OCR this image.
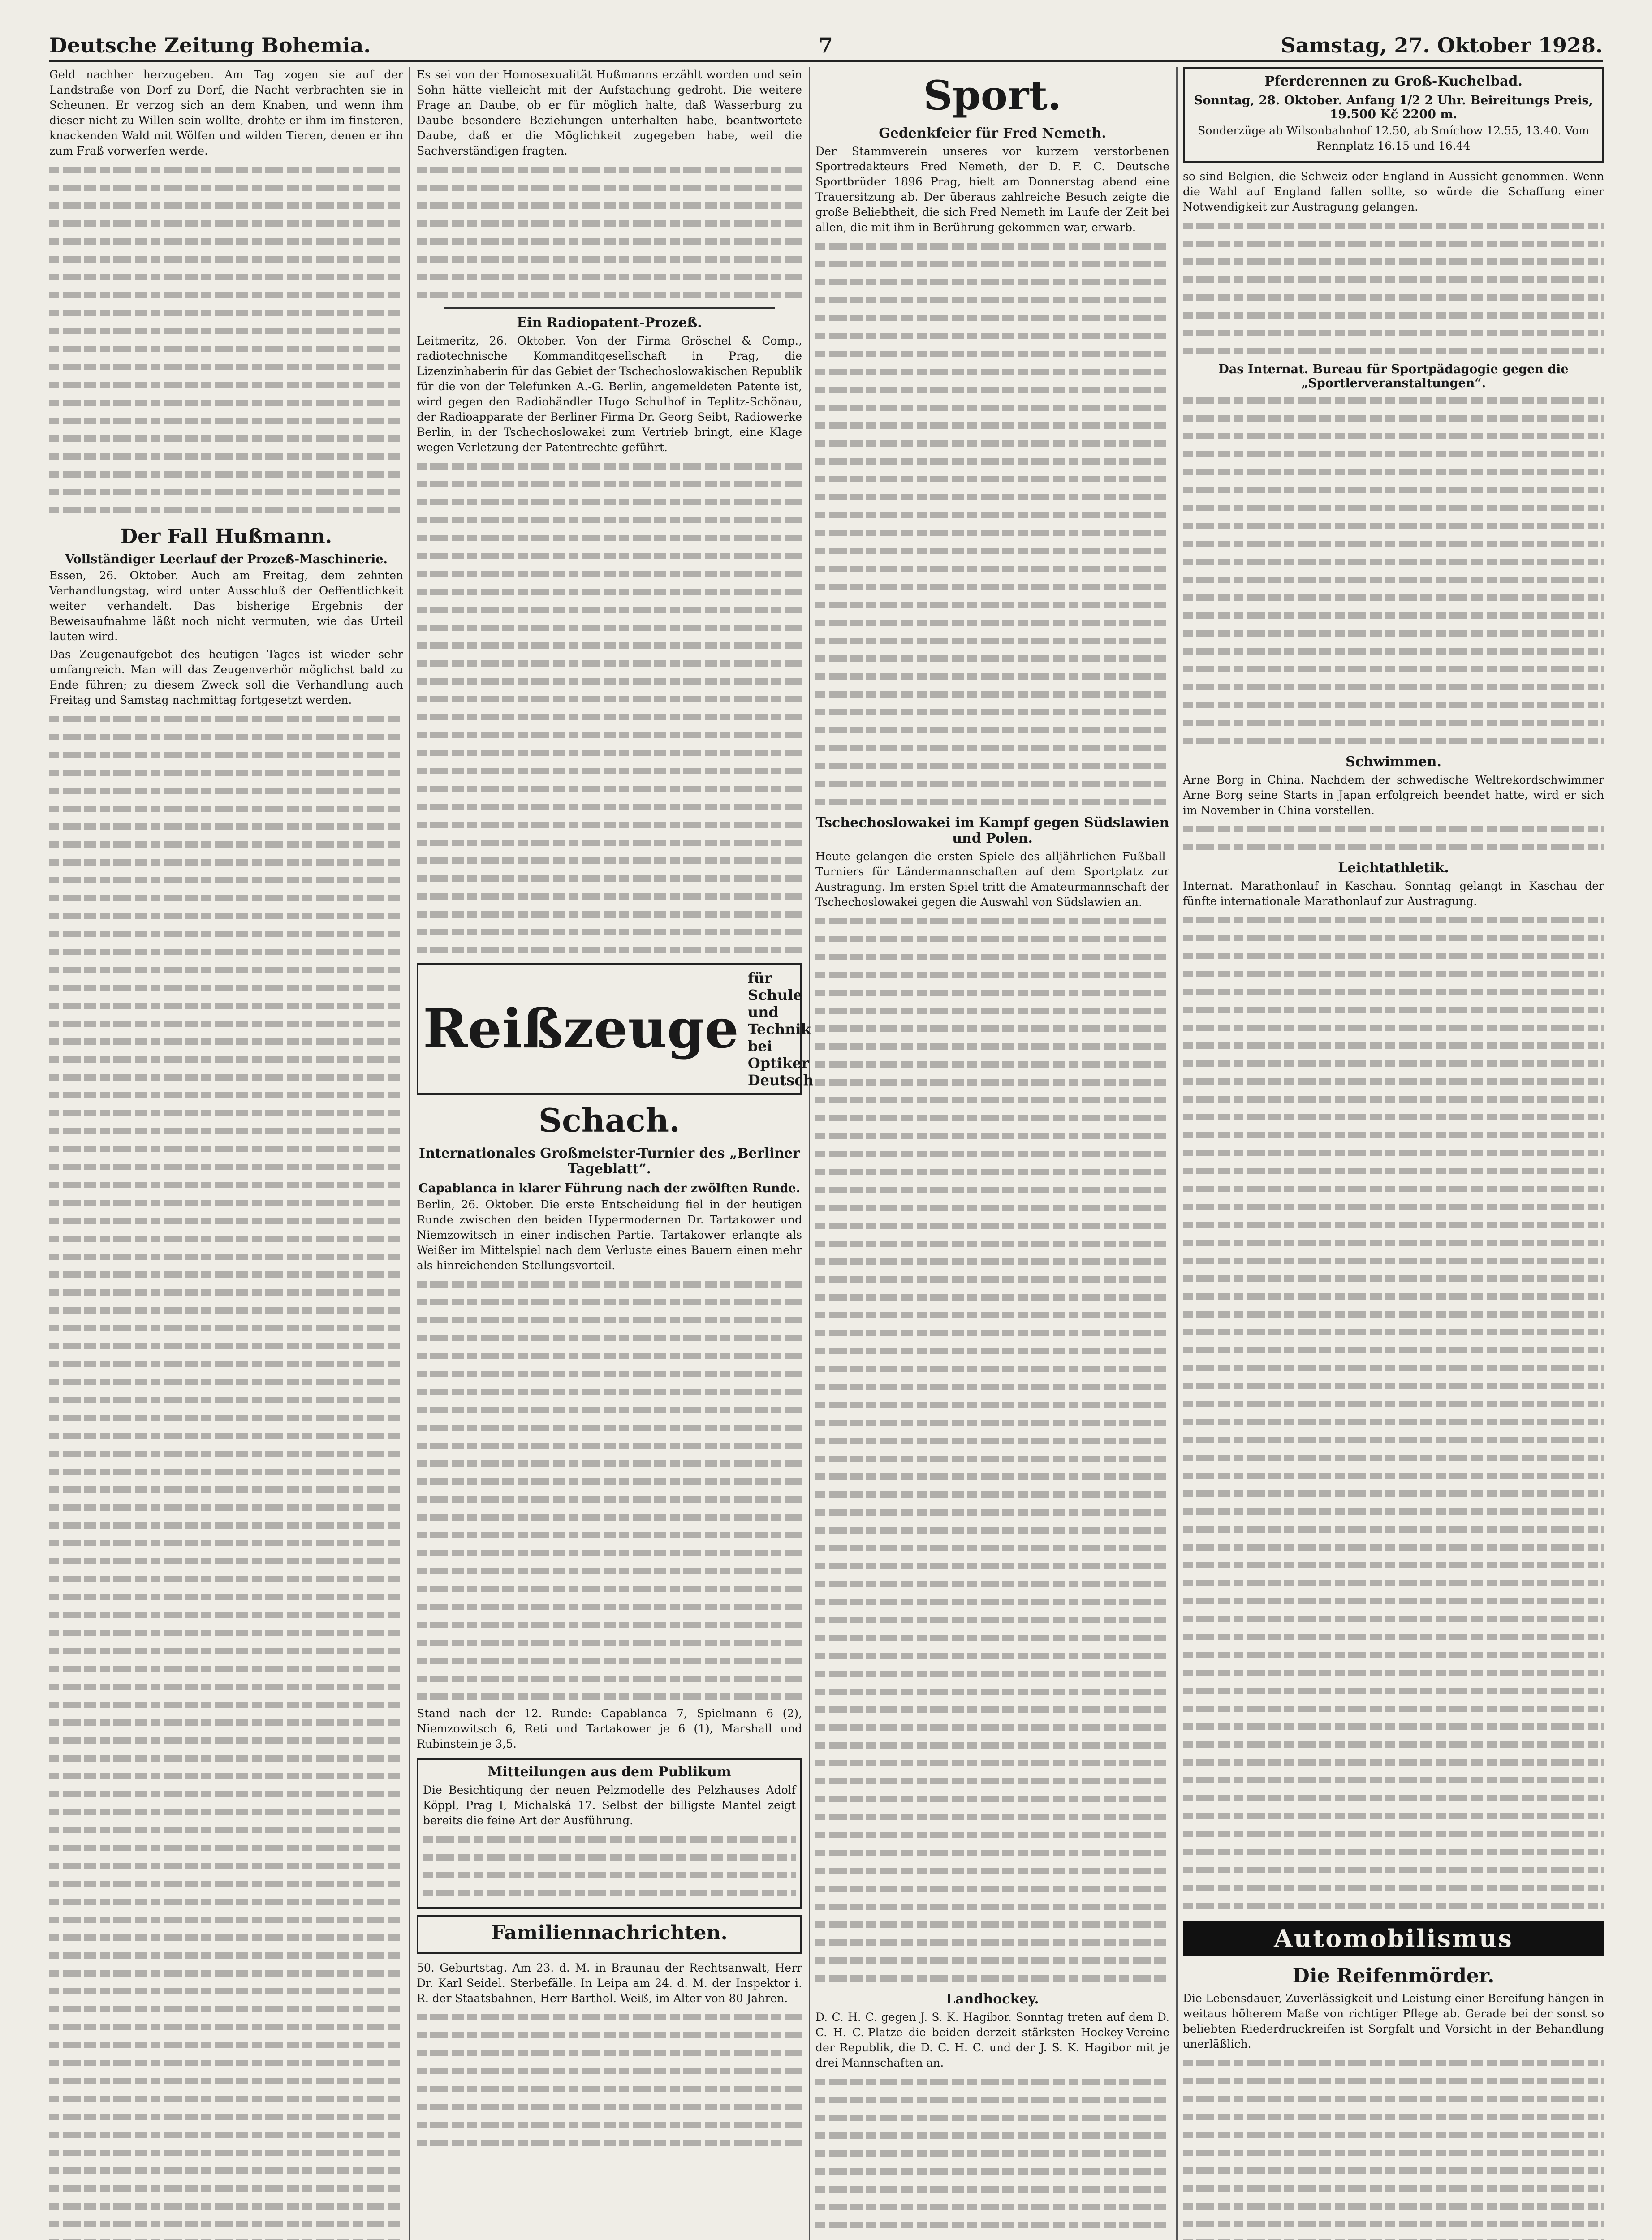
Deutsche Zeitung Bohemia.	7	Samstag, 27. Oktober 1928.

Geld nachher herzugeben. Am Tag zogen sie auf der Landstraße von Dorf zu Dorf, die Nacht verbrachten sie in Scheunen. Er verzog sich an dem Knaben, und wenn ihm dieser nicht zu Willen sein wollte, drohte er ihm im finsteren, knackenden Wald mit Wölfen und wilden Tieren, denen er ihn zum Fraß vorwerfen werde.

Der Fall Hußmann.
Vollständiger Leerlauf der Prozeß-Maschinerie.

Essen, 26. Oktober. Auch am Freitag, dem zehnten Verhandlungstag, wird unter Ausschluß der Oeffentlichkeit weiter verhandelt. Das bisherige Ergebnis der Beweisaufnahme läßt noch nicht vermuten, wie das Urteil lauten wird.

Das Zeugenaufgebot des heutigen Tages ist wieder sehr umfangreich. Man will das Zeugenverhör möglichst bald zu Ende führen; zu diesem Zweck soll die Verhandlung auch Freitag und Samstag nachmittag fortgesetzt werden.

Es sei von der Homosexualität Hußmanns erzählt worden und sein Sohn hätte vielleicht mit der Aufstachung gedroht. Die weitere Frage an Daube, ob er für möglich halte, daß Wasserburg zu Daube besondere Beziehungen unterhalten habe, beantwortete Daube, daß er die Möglichkeit zugegeben habe, weil die Sachverständigen fragten.

Ein Radiopatent-Prozeß.

Leitmeritz, 26. Oktober. Von der Firma Gröschel & Comp., radiotechnische Kommanditgesellschaft in Prag, die Lizenzinhaberin für das Gebiet der Tschechoslowakischen Republik für die von der Telefunken A.-G. Berlin, angemeldeten Patente ist, wird gegen den Radiohändler Hugo Schulhof in Teplitz-Schönau, der Radioapparate der Berliner Firma Dr. Georg Seibt, Radiowerke Berlin, in der Tschechoslowakei zum Vertrieb bringt, eine Klage wegen Verletzung der Patentrechte geführt.

Reißzeuge
für Schule und Technik
bei Optiker Deutsch
Schach.
Internationales Großmeister-Turnier des „Berliner Tageblatt“.
Capablanca in klarer Führung nach der zwölften Runde.

Berlin, 26. Oktober. Die erste Entscheidung fiel in der heutigen Runde zwischen den beiden Hypermodernen Dr. Tartakower und Niemzowitsch in einer indischen Partie. Tartakower erlangte als Weißer im Mittelspiel nach dem Verluste eines Bauern einen mehr als hinreichenden Stellungsvorteil.

Stand nach der 12. Runde: Capablanca 7, Spielmann 6 (2), Niemzowitsch 6, Reti und Tartakower je 6 (1), Marshall und Rubinstein je 3,5.

Mitteilungen aus dem Publikum

Die Besichtigung der neuen Pelzmodelle des Pelzhauses Adolf Köppl, Prag I, Michalská 17. Selbst der billigste Mantel zeigt bereits die feine Art der Ausführung.

Familiennachrichten.

50. Geburtstag. Am 23. d. M. in Braunau der Rechtsanwalt, Herr Dr. Karl Seidel. Sterbefälle. In Leipa am 24. d. M. der Inspektor i. R. der Staatsbahnen, Herr Barthol. Weiß, im Alter von 80 Jahren.

Sport.
Gedenkfeier für Fred Nemeth.

Der Stammverein unseres vor kurzem verstorbenen Sportredakteurs Fred Nemeth, der D. F. C. Deutsche Sportbrüder 1896 Prag, hielt am Donnerstag abend eine Trauersitzung ab. Der überaus zahlreiche Besuch zeigte die große Beliebtheit, die sich Fred Nemeth im Laufe der Zeit bei allen, die mit ihm in Berührung gekommen war, erwarb.

Tschechoslowakei im Kampf gegen Südslawien und Polen.

Heute gelangen die ersten Spiele des alljährlichen Fußball-Turniers für Ländermannschaften auf dem Sportplatz zur Austragung. Im ersten Spiel tritt die Amateurmannschaft der Tschechoslowakei gegen die Auswahl von Südslawien an.

Landhockey.

D. C. H. C. gegen J. S. K. Hagibor. Sonntag treten auf dem D. C. H. C.-Platze die beiden derzeit stärksten Hockey-Vereine der Republik, die D. C. H. C. und der J. S. K. Hagibor mit je drei Mannschaften an.

Pferderennen zu Groß-Kuchelbad.
Sonntag, 28. Oktober. Anfang 1/2 2 Uhr. Beireitungs Preis, 19.500 Kč 2200 m.

Sonderzüge ab Wilsonbahnhof 12.50, ab Smíchow 12.55, 13.40. Vom Rennplatz 16.15 und 16.44

so sind Belgien, die Schweiz oder England in Aussicht genommen. Wenn die Wahl auf England fallen sollte, so würde die Schaffung einer Notwendigkeit zur Austragung gelangen.

Das Internat. Bureau für Sportpädagogie gegen die „Sportlerveranstaltungen“.
Schwimmen.

Arne Borg in China. Nachdem der schwedische Weltrekordschwimmer Arne Borg seine Starts in Japan erfolgreich beendet hatte, wird er sich im November in China vorstellen.

Leichtathletik.

Internat. Marathonlauf in Kaschau. Sonntag gelangt in Kaschau der fünfte internationale Marathonlauf zur Austragung.

Automobilismus
Die Reifenmörder.

Die Lebensdauer, Zuverlässigkeit und Leistung einer Bereifung hängen in weitaus höherem Maße von richtiger Pflege ab. Gerade bei der sonst so beliebten Riederdruckreifen ist Sorgfalt und Vorsicht in der Behandlung unerläßlich.
